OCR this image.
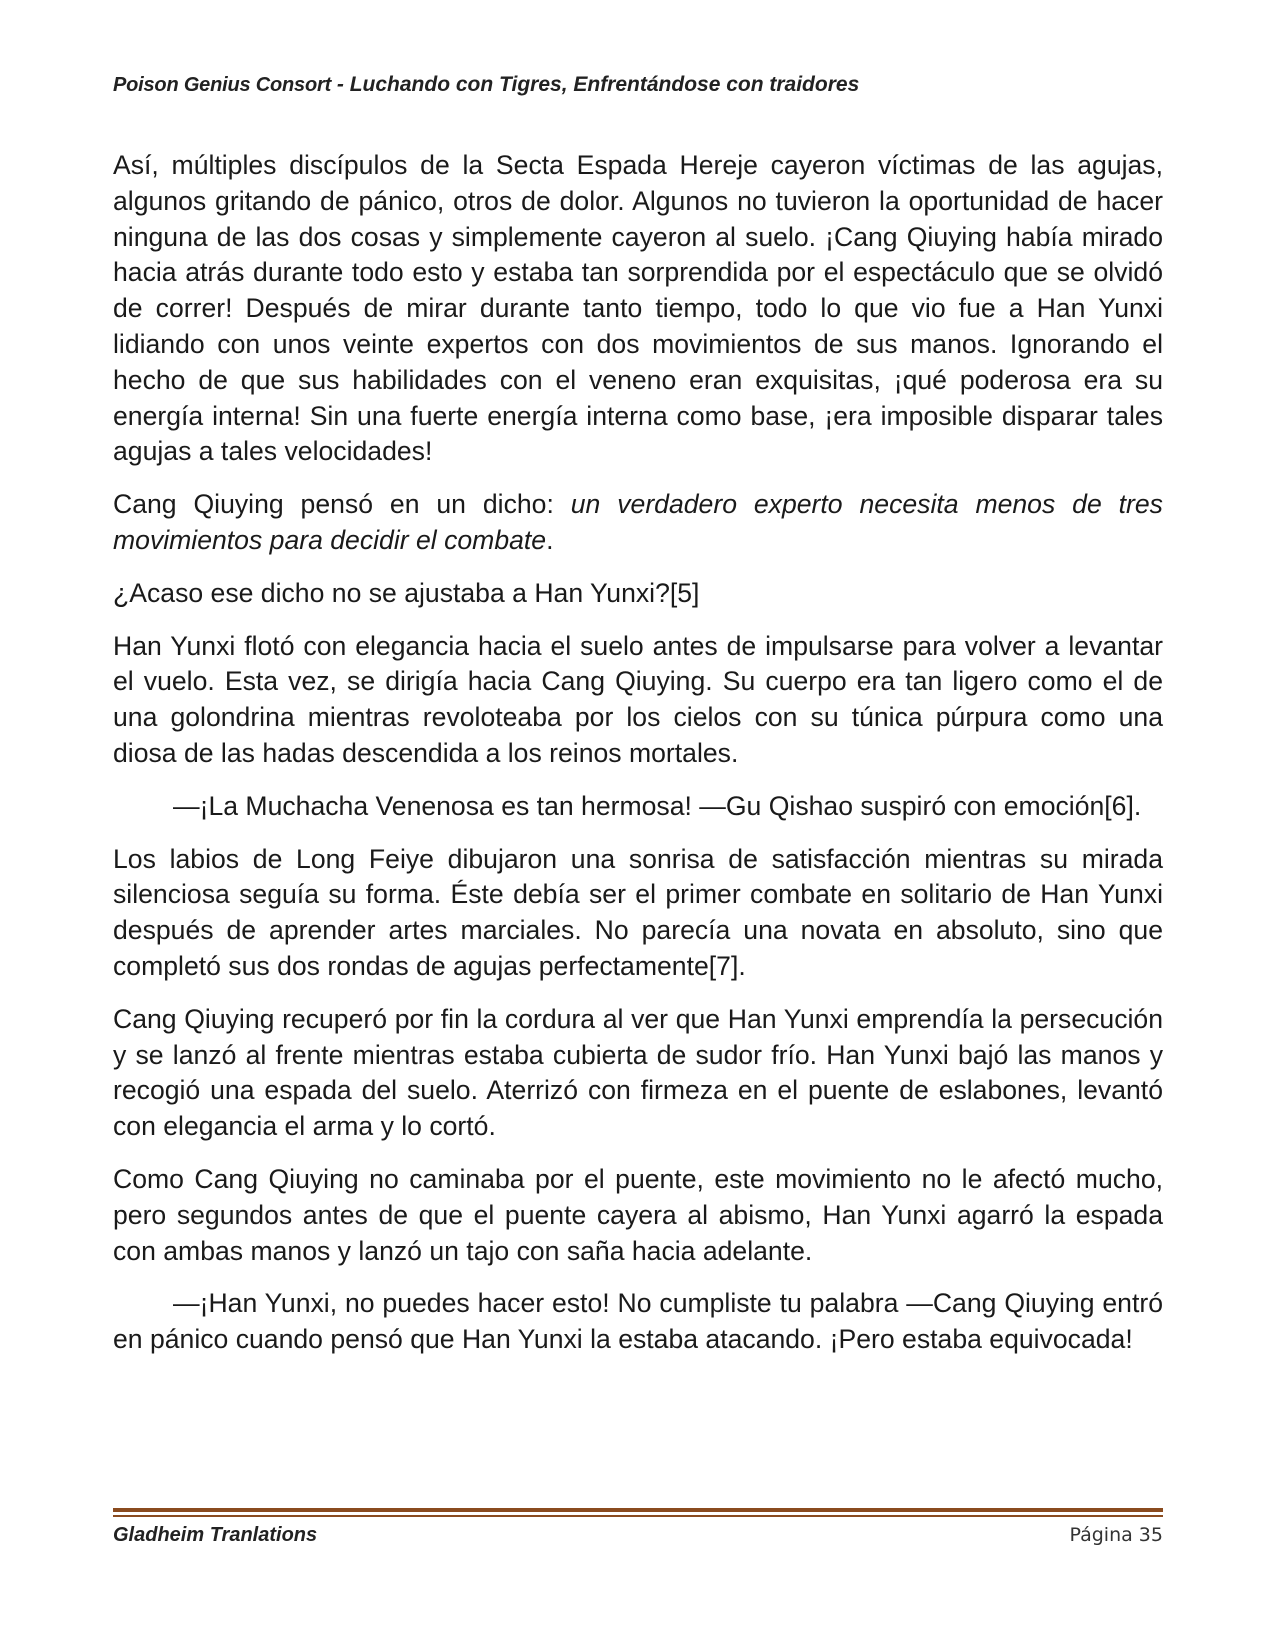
Poison Genius Consort - Luchando con Tigres, Enfrentándose con traidores

Así, múltiples discípulos de la Secta Espada Hereje cayeron víctimas de las agujas, algunos gritando de pánico, otros de dolor. Algunos no tuvieron la oportunidad de hacer ninguna de las dos cosas y simplemente cayeron al suelo. ¡Cang Qiuying había mirado hacia atrás durante todo esto y estaba tan sorprendida por el espectáculo que se olvidó de correr! Después de mirar durante tanto tiempo, todo lo que vio fue a Han Yunxi lidiando con unos veinte expertos con dos movimientos de sus manos. Ignorando el hecho de que sus habilidades con el veneno eran exquisitas, ¡qué poderosa era su energía interna! Sin una fuerte energía interna como base, ¡era imposible disparar tales agujas a tales velocidades!

Cang Qiuying pensó en un dicho: un verdadero experto necesita menos de tres movimientos para decidir el combate.

¿Acaso ese dicho no se ajustaba a Han Yunxi?[5]

Han Yunxi flotó con elegancia hacia el suelo antes de impulsarse para volver a levantar el vuelo. Esta vez, se dirigía hacia Cang Qiuying. Su cuerpo era tan ligero como el de una golondrina mientras revoloteaba por los cielos con su túnica púrpura como una diosa de las hadas descendida a los reinos mortales.

—¡La Muchacha Venenosa es tan hermosa! —Gu Qishao suspiró con emoción[6].

Los labios de Long Feiye dibujaron una sonrisa de satisfacción mientras su mirada silenciosa seguía su forma. Éste debía ser el primer combate en solitario de Han Yunxi después de aprender artes marciales. No parecía una novata en absoluto, sino que completó sus dos rondas de agujas perfectamente[7].

Cang Qiuying recuperó por fin la cordura al ver que Han Yunxi emprendía la persecución y se lanzó al frente mientras estaba cubierta de sudor frío. Han Yunxi bajó las manos y recogió una espada del suelo. Aterrizó con firmeza en el puente de eslabones, levantó con elegancia el arma y lo cortó.

Como Cang Qiuying no caminaba por el puente, este movimiento no le afectó mucho, pero segundos antes de que el puente cayera al abismo, Han Yunxi agarró la espada con ambas manos y lanzó un tajo con saña hacia adelante.

—¡Han Yunxi, no puedes hacer esto! No cumpliste tu palabra —Cang Qiuying entró en pánico cuando pensó que Han Yunxi la estaba atacando. ¡Pero estaba equivocada!

Gladheim Tranlations	Página 35
